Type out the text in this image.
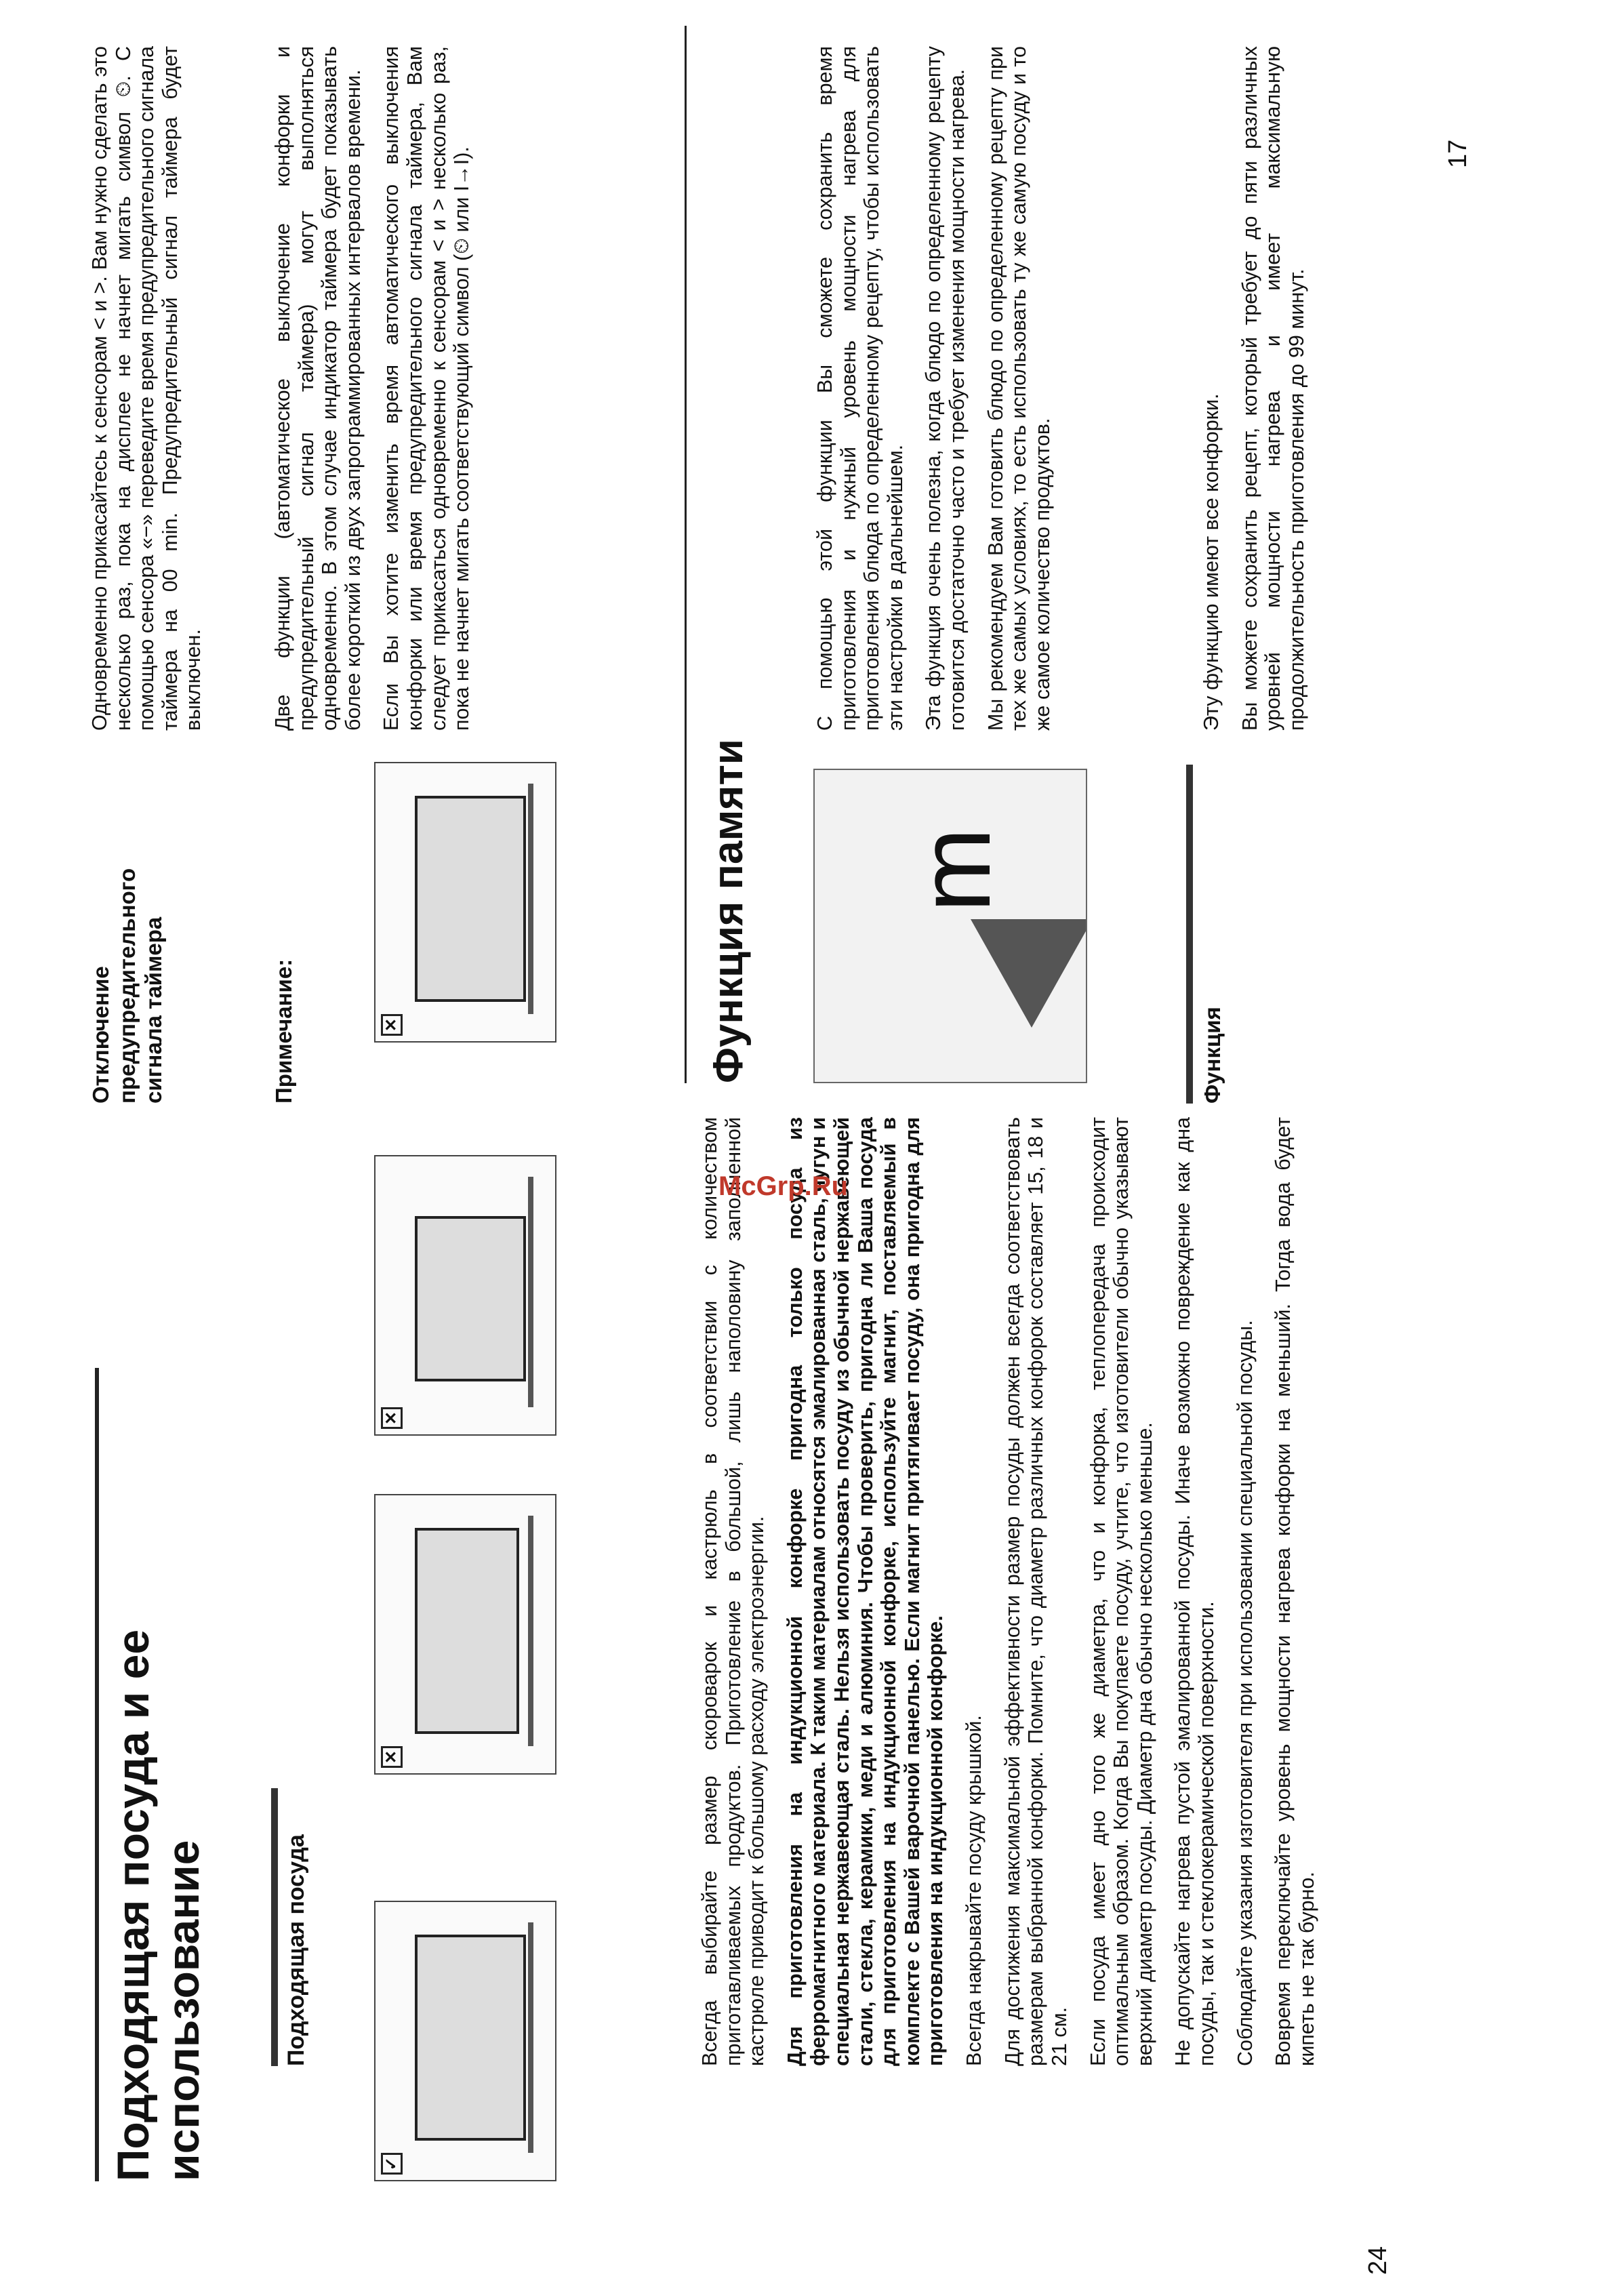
24
Подходящая посуда и ее использование	Подходящая посуда
✓
✕
✕
✕

Всегда выбирайте размер скороварок и кастрюль в соответствии с количеством приготавливаемых продуктов. Приготовление в большой, лишь наполовину заполненной кастрюле приводит к большому расходу электроэнергии. Для приготовления на индукционной конфорке пригодна только посуда из ферромагнитного материала. К таким материалам относятся эмалированная сталь, чугун и специальная нержавеющая сталь. Нельзя использовать посуду из обычной нержавеющей стали, стекла, керамики, меди и алюминия. Чтобы проверить, пригодна ли Ваша посуда для приготовления на индукционной конфорке, используйте магнит, поставляемый в комплекте с Вашей варочной панелью. Если магнит притягивает посуду, она пригодна для приготовления на индукционной конфорке. Всегда накрывайте посуду крышкой. Для достижения максимальной эффективности размер посуды должен всегда соответствовать размерам выбранной конфорки. Помните, что диаметр различных конфорок составляет 15, 18 и 21 см. Если посуда имеет дно того же диаметра, что и конфорка, теплопередача происходит оптимальным образом. Когда Вы покупаете посуду, учтите, что изготовители обычно указывают верхний диаметр посуды. Диаметр дна обычно несколько меньше. Не допускайте нагрева пустой эмалированной посуды. Иначе возможно повреждение как дна посуды, так и стеклокерамической поверхности. Соблюдайте указания изготовителя при использовании специальной посуды. Вовремя переключайте уровень мощности нагрева конфорки на меньший. Тогда вода будет кипеть не так бурно.

17
Отключение предупредительного сигнала таймера
Одновременно прикасайтесь к сенсорам < и >. Вам нужно сделать это несколько раз, пока на дисплее не начнет мигать символ ⏲. С помощью сенсора «−» переведите время предупредительного сигнала таймера на 00 min. Предупредительный сигнал таймера будет выключен.
Примечание:

Две функции (автоматическое выключение конфорки и предупредительный сигнал таймера) могут выполняться одновременно. В этом случае индикатор таймера будет показывать более короткий из двух запрограммированных интервалов времени. Если Вы хотите изменить время автоматического выключения конфорки или время предупредительного сигнала таймера, Вам следует прикасаться одновременно к сенсорам < и > несколько раз, пока не начнет мигать соответствующий символ (⏲ или I→I).

Функция памяти m

С помощью этой функции Вы сможете сохранить время приготовления и нужный уровень мощности нагрева для приготовления блюда по определенному рецепту, чтобы использовать эти настройки в дальнейшем. Эта функция очень полезна, когда блюдо по определенному рецепту готовится достаточно часто и требует изменения мощности нагрева. Мы рекомендуем Вам готовить блюдо по определенному рецепту при тех же самых условиях, то есть использовать ту же самую посуду и то же самое количество продуктов.

Функция

Эту функцию имеют все конфорки. Вы можете сохранить рецепт, который требует до пяти различных уровней мощности нагрева и имеет максимальную продолжительность приготовления до 99 минут.

McGrp.Ru
